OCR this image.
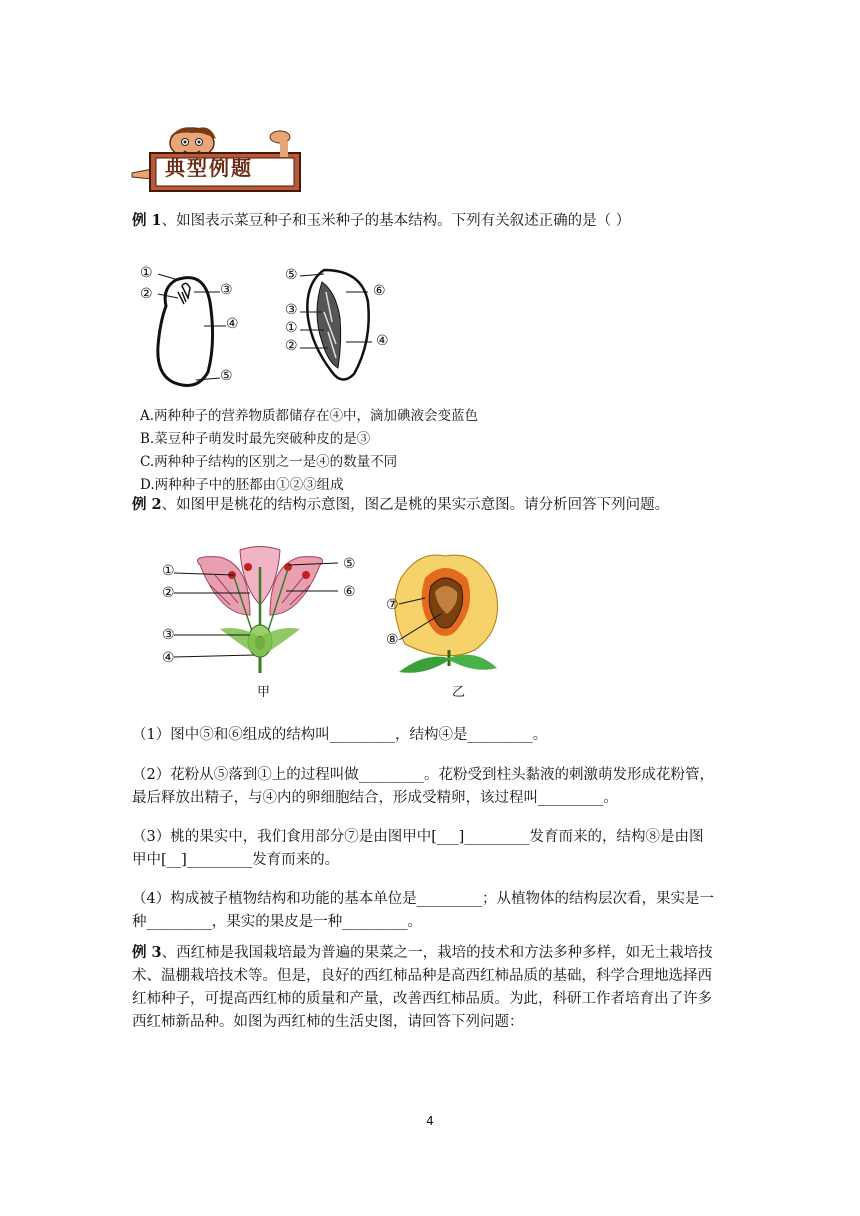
典型例题
例 1、如图表示菜豆种子和玉米种子的基本结构。下列有关叙述正确的是（ ）
①
②	③
④
⑤
⑤
⑥
③
①
②	④
A.两种种子的营养物质都储存在④中，滴加碘液会变蓝色
B.菜豆种子萌发时最先突破种皮的是③
C.两种种子结构的区别之一是④的数量不同
D.两种种子中的胚都由①②③组成
例 2、如图甲是桃花的结构示意图，图乙是桃的果实示意图。请分析回答下列问题。
①
②
③
④
⑤
⑥
甲
⑦
⑧
乙
（1）图中⑤和⑥组成的结构叫_________，结构④是_________。
（2）花粉从⑤落到①上的过程叫做_________。花粉受到柱头黏液的刺激萌发形成花粉管，
最后释放出精子，与④内的卵细胞结合，形成受精卵，该过程叫_________。
（3）桃的果实中，我们食用部分⑦是由图甲中[___]_________发育而来的，结构⑧是由图
甲中[__]_________发育而来的。
（4）构成被子植物结构和功能的基本单位是_________；从植物体的结构层次看，果实是一
种_________，果实的果皮是一种_________。
例 3、西红柿是我国栽培最为普遍的果菜之一，栽培的技术和方法多种多样，如无土栽培技
术、温棚栽培技术等。但是，良好的西红柿品种是高西红柿品质的基础，科学合理地选择西
红柿种子，可提高西红柿的质量和产量，改善西红柿品质。为此，科研工作者培育出了许多
西红柿新品种。如图为西红柿的生活史图，请回答下列问题：
4
